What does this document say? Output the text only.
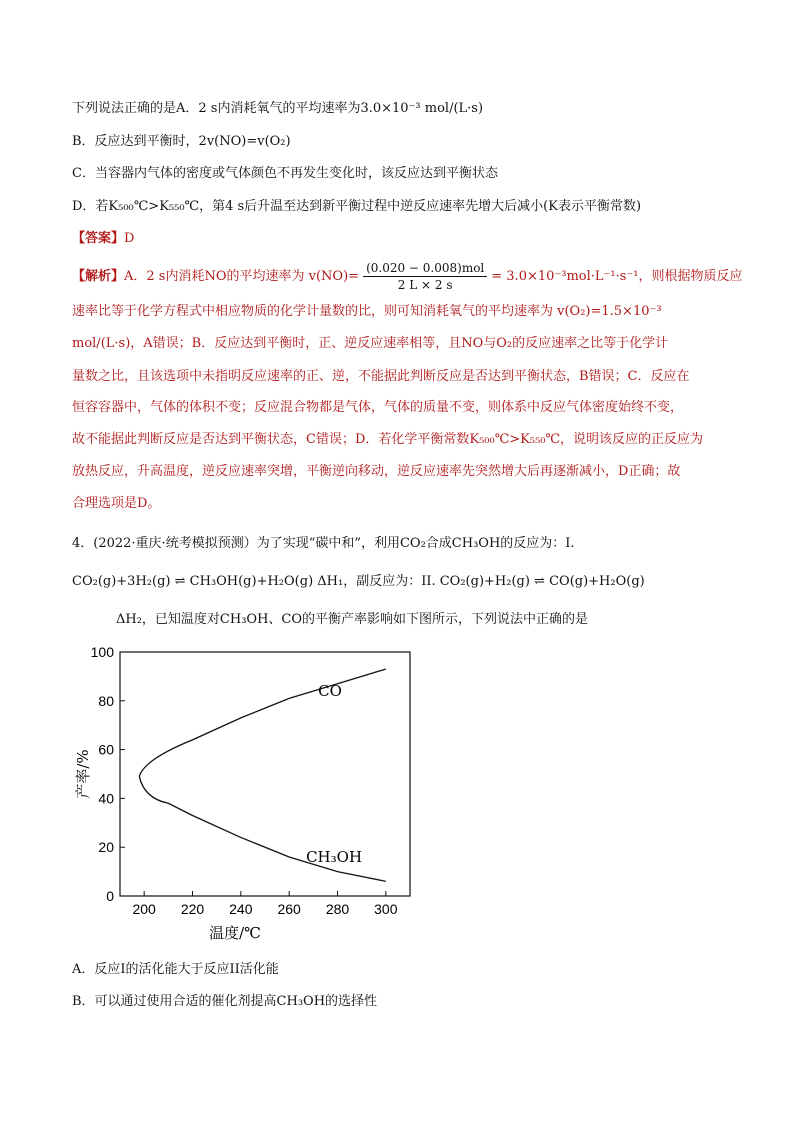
下列说法正确的是A．2 s内消耗氧气的平均速率为3.0×10⁻³ mol/(L·s)
B．反应达到平衡时，2v(NO)=v(O₂)
C．当容器内气体的密度或气体颜色不再发生变化时，该反应达到平衡状态
D．若K₅₀₀℃>K₅₅₀℃，第4 s后升温至达到新平衡过程中逆反应速率先增大后减小(K表示平衡常数)
【答案】D
【解析】A．2 s内消耗NO的平均速率为 $v(NO)= \frac{\text{(0.020 − 0.008)mol}}{2 L \times 2 s} = 3.0\times 10^{-3}mol\cdot L^{-1}\cdot s^{-1}$，则根据物质反应
速率比等于化学方程式中相应物质的化学计量数的比，则可知消耗氧气的平均速率为 v(O₂)=1.5×10⁻³
mol/(L·s)，A错误；B．反应达到平衡时，正、逆反应速率相等，且NO与O₂的反应速率之比等于化学计
量数之比，且该选项中未指明反应速率的正、逆，不能据此判断反应是否达到平衡状态，B错误；C．反应在
恒容容器中，气体的体积不变；反应混合物都是气体，气体的质量不变，则体系中反应气体密度始终不变，
故不能据此判断反应是否达到平衡状态，C错误；D．若化学平衡常数K₅₀₀℃>K₅₅₀℃，说明该反应的正反应为
放热反应，升高温度，逆反应速率突增，平衡逆向移动，逆反应速率先突然增大后再逐渐减小，D正确；故
合理选项是D。
4．(2022·重庆·统考模拟预测）为了实现“碳中和”，利用CO₂合成CH₃OH的反应为：I.
CO₂(g)+3H₂(g) ⇌ CH₃OH(g)+H₂O(g) ΔH₁，副反应为：II. CO₂(g)+H₂(g) ⇌ CO(g)+H₂O(g)
ΔH₂，已知温度对CH₃OH、CO的平衡产率影响如下图所示，下列说法中正确的是
200 220 240 260 280 300
0
20
40
60
80
100
温度/℃
产率/%
CO
CH₃OH
A．反应I的活化能大于反应II活化能
B．可以通过使用合适的催化剂提高CH₃OH的选择性
